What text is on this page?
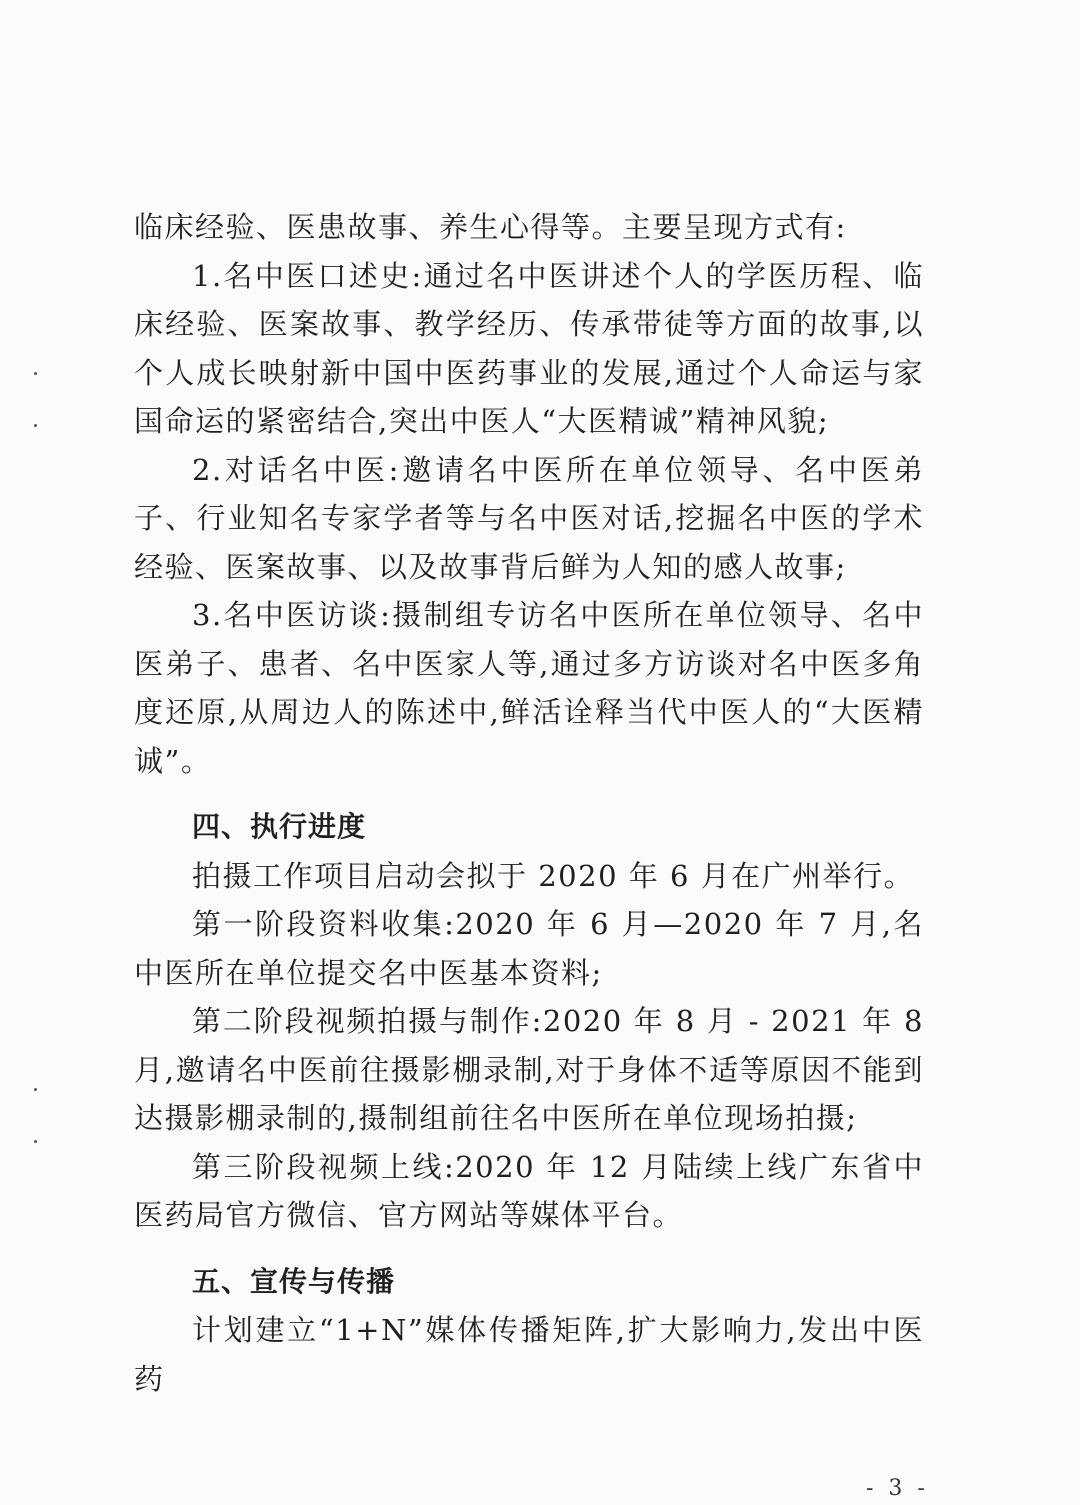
临床经验、医患故事、养生心得等。主要呈现方式有:

1.名中医口述史:通过名中医讲述个人的学医历程、临床经验、医案故事、教学经历、传承带徒等方面的故事,以个人成长映射新中国中医药事业的发展,通过个人命运与家国命运的紧密结合,突出中医人“大医精诚”精神风貌;

2.对话名中医:邀请名中医所在单位领导、名中医弟子、行业知名专家学者等与名中医对话,挖掘名中医的学术经验、医案故事、以及故事背后鲜为人知的感人故事;

3.名中医访谈:摄制组专访名中医所在单位领导、名中医弟子、患者、名中医家人等,通过多方访谈对名中医多角度还原,从周边人的陈述中,鲜活诠释当代中医人的“大医精诚”。

四、执行进度

拍摄工作项目启动会拟于 2020 年 6 月在广州举行。

第一阶段资料收集:2020 年 6 月—2020 年 7 月,名中医所在单位提交名中医基本资料;

第二阶段视频拍摄与制作:2020 年 8 月 - 2021 年 8 月,邀请名中医前往摄影棚录制,对于身体不适等原因不能到达摄影棚录制的,摄制组前往名中医所在单位现场拍摄;

第三阶段视频上线:2020 年 12 月陆续上线广东省中医药局官方微信、官方网站等媒体平台。

五、宣传与传播

计划建立“1+N”媒体传播矩阵,扩大影响力,发出中医药

- 3 -
